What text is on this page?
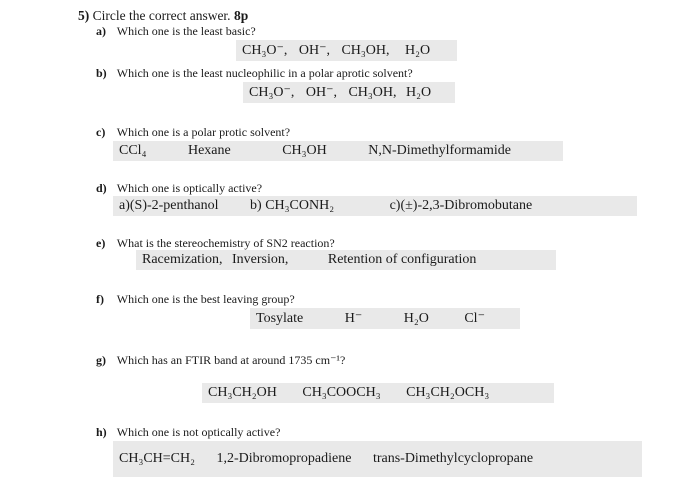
5) Circle the correct answer. 8p
a) Which one is the least basic?
CH₃O⁻, OH⁻, CH₃OH, H₂O
b) Which one is the least nucleophilic in a polar aprotic solvent?
CH₃O⁻, OH⁻, CH₃OH, H₂O
c) Which one is a polar protic solvent?
CCl₄	Hexane	CH₃OH	N,N-Dimethylformamide
d) Which one is optically active?
a)(S)-2-penthanol b) CH₃CONH₂	c)(±)-2,3-Dibromobutane
e) What is the stereochemistry of SN2 reaction?
Racemization, Inversion,	Retention of configuration
f) Which one is the best leaving group?
Tosylate	H⁻	H₂O	Cl⁻
g) Which has an FTIR band at around 1735 cm⁻¹?
CH₃CH₂OH CH₃COOCH₃ CH₃CH₂OCH₃
h) Which one is not optically active?
CH₃CH=CH₂ 1,2-Dibromopropadiene trans-Dimethylcyclopropane
